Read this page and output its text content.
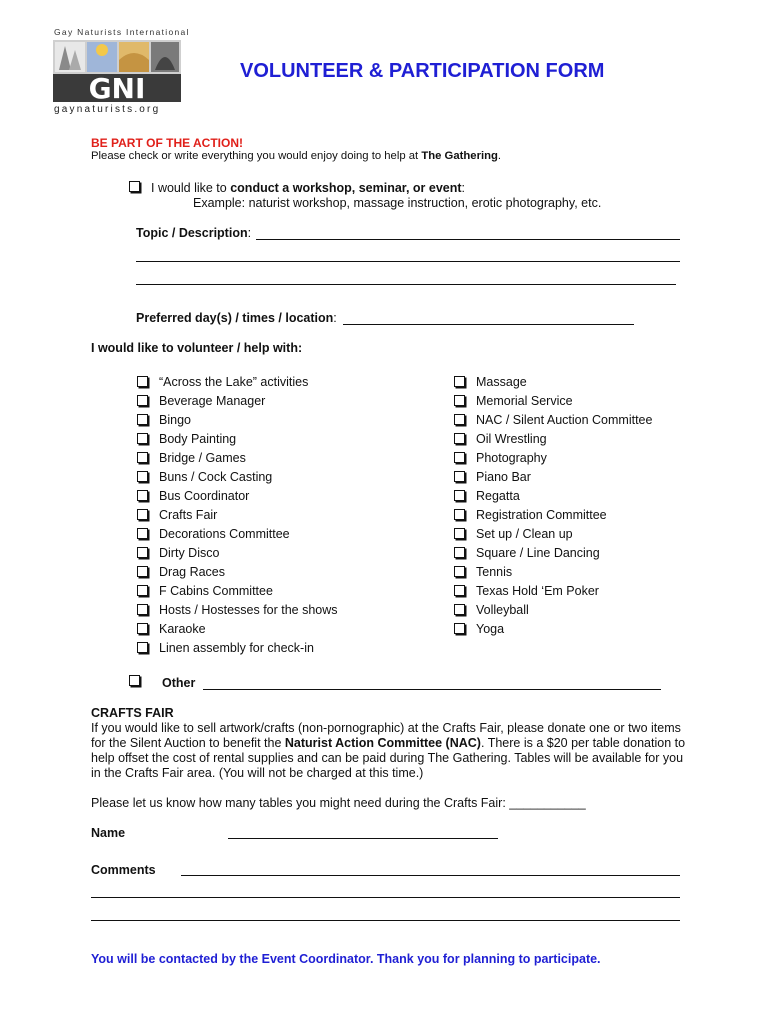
Gay Naturists International
GNI
gaynaturists.org
VOLUNTEER & PARTICIPATION FORM
BE PART OF THE ACTION!
Please check or write everything you would enjoy doing to help at The Gathering.
I would like to conduct a workshop, seminar, or event:
Example: naturist workshop, massage instruction, erotic photography, etc.
Topic / Description:
Preferred day(s) / times / location:
I would like to volunteer / help with:
“Across the Lake” activities
Beverage Manager
Bingo
Body Painting
Bridge / Games
Buns / Cock Casting
Bus Coordinator
Crafts Fair
Decorations Committee
Dirty Disco
Drag Races
F Cabins Committee
Hosts / Hostesses for the shows
Karaoke
Linen assembly for check-in
Massage
Memorial Service
NAC / Silent Auction Committee
Oil Wrestling
Photography
Piano Bar
Regatta
Registration Committee
Set up / Clean up
Square / Line Dancing
Tennis
Texas Hold ‘Em Poker
Volleyball
Yoga
Other
CRAFTS FAIR
If you would like to sell artwork/crafts (non-pornographic) at the Crafts Fair, please donate one or two items for the Silent Auction to benefit the Naturist Action Committee (NAC). There is a $20 per table donation to help offset the cost of rental supplies and can be paid during The Gathering. Tables will be available for you in the Crafts Fair area. (You will not be charged at this time.)
Please let us know how many tables you might need during the Crafts Fair: ___________
Name
Comments
You will be contacted by the Event Coordinator. Thank you for planning to participate.
